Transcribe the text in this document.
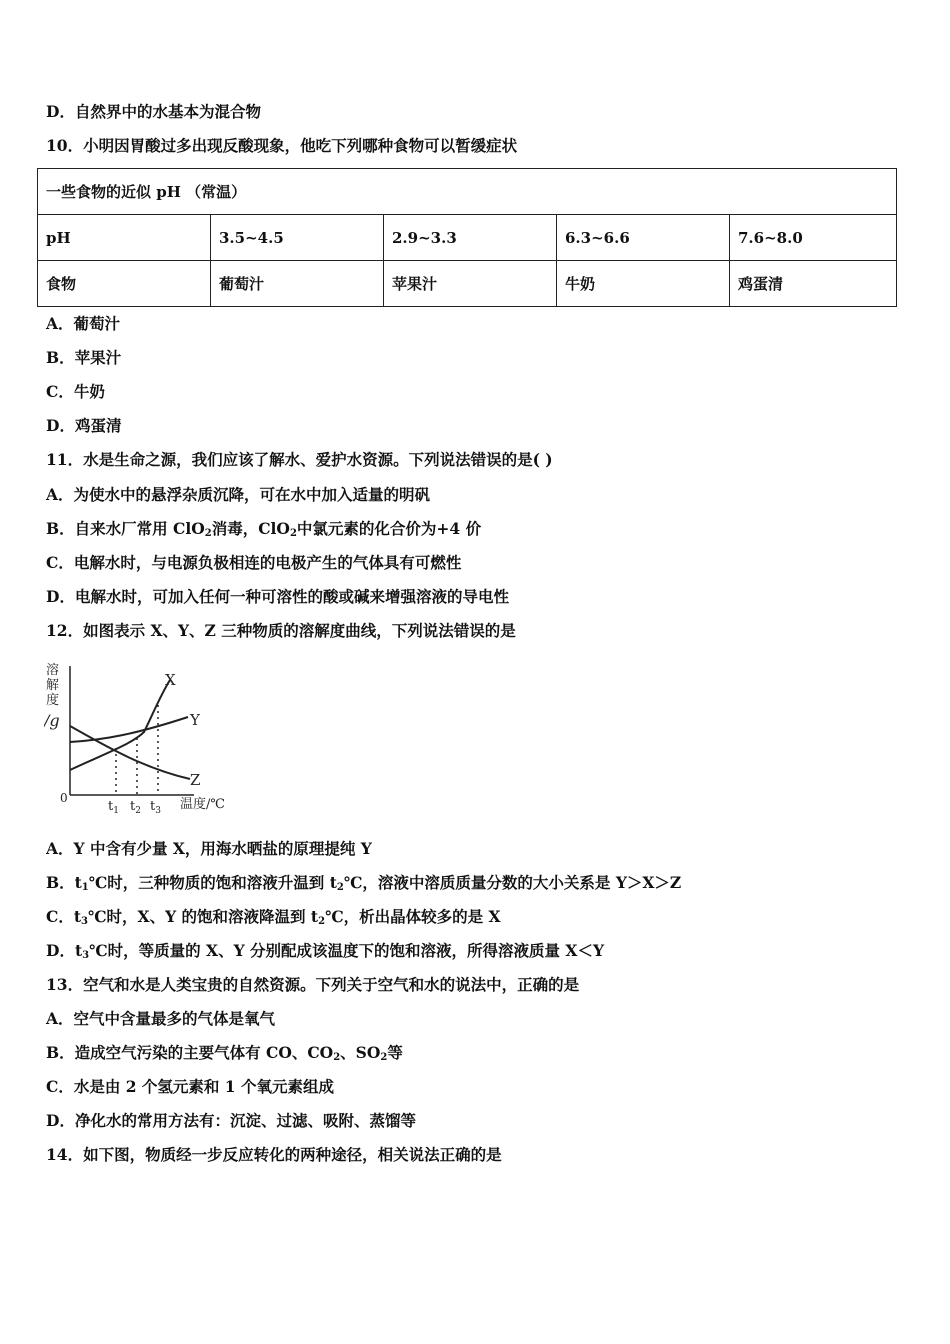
D．自然界中的水基本为混合物
10．小明因胃酸过多出现反酸现象，他吃下列哪种食物可以暂缓症状
一些食物的近似 pH （常温）				
pH	3.5~4.5	2.9~3.3	6.3~6.6	7.6~8.0
食物	葡萄汁	苹果汁	牛奶	鸡蛋清
A．葡萄汁
B．苹果汁
C．牛奶
D．鸡蛋清
11．水是生命之源，我们应该了解水、爱护水资源。下列说法错误的是( )
A．为使水中的悬浮杂质沉降，可在水中加入适量的明矾
B．自来水厂常用 ClO$_2$消毒，ClO$_2$中氯元素的化合价为+4 价
C．电解水时，与电源负极相连的电极产生的气体具有可燃性
D．电解水时，可加入任何一种可溶性的酸或碱来增强溶液的导电性
12．如图表示 X、Y、Z 三种物质的溶解度曲线，下列说法错误的是
溶
解
度
/g
0
X
Y
Z
$t_1$ $t_2$ $t_3$ 温度/℃
A．Y 中含有少量 X，用海水晒盐的原理提纯 Y
B．$t_1℃$时，三种物质的饱和溶液升温到 $t_2℃$，溶液中溶质质量分数的大小关系是 Y＞X＞Z
C．$t_3℃$时，X、Y 的饱和溶液降温到 $t_2℃$，析出晶体较多的是 X
D．$t_3℃$时，等质量的 X、Y 分别配成该温度下的饱和溶液，所得溶液质量 X＜Y
13．空气和水是人类宝贵的自然资源。下列关于空气和水的说法中，正确的是
A．空气中含量最多的气体是氧气
B．造成空气污染的主要气体有 CO、$CO_2$、$SO_2$等
C．水是由 2 个氢元素和 1 个氧元素组成
D．净化水的常用方法有：沉淀、过滤、吸附、蒸馏等
14．如下图，物质经一步反应转化的两种途径，相关说法正确的是
